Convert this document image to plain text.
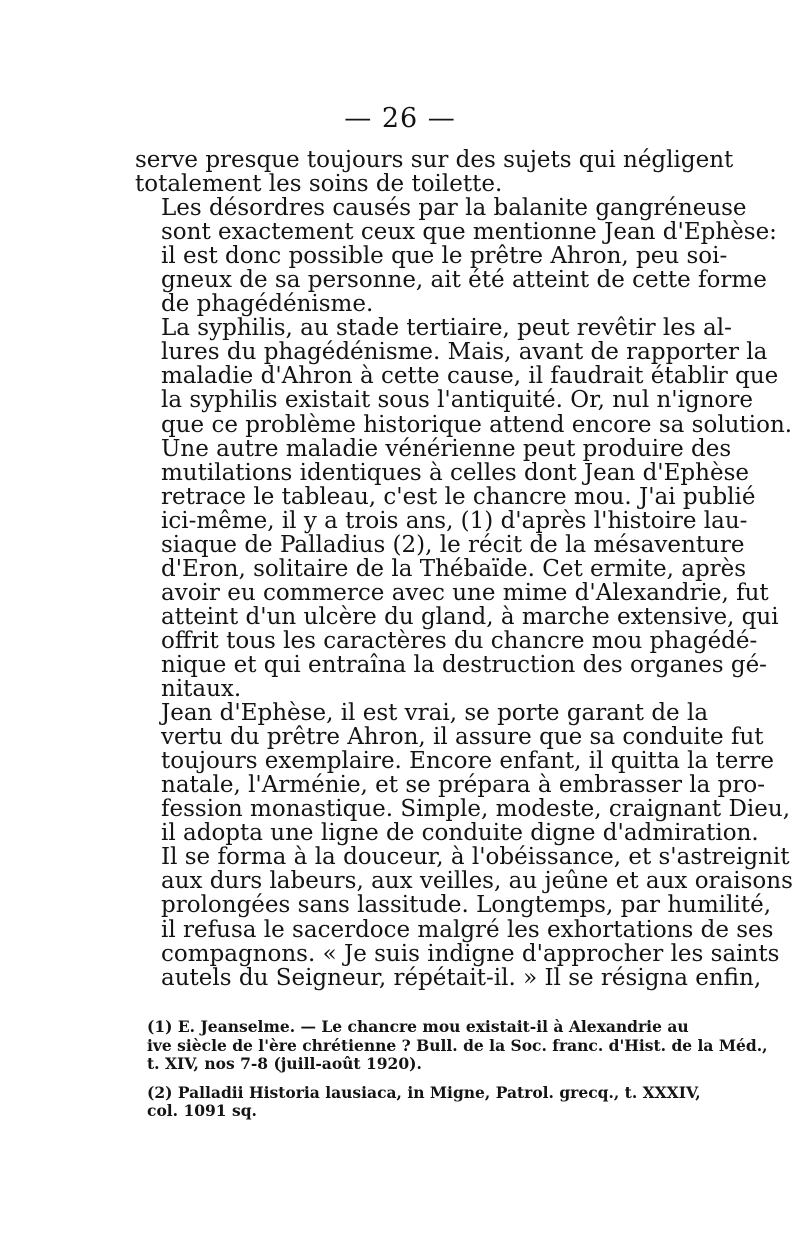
— 26 —

serve presque toujours sur des sujets qui négligent
totalement les soins de toilette.

Les désordres causés par la balanite gangréneuse
sont exactement ceux que mentionne Jean d'Ephèse:
il est donc possible que le prêtre Ahron, peu soi-
gneux de sa personne, ait été atteint de cette forme
de phagédénisme.

La syphilis, au stade tertiaire, peut revêtir les al-
lures du phagédénisme. Mais, avant de rapporter la
maladie d'Ahron à cette cause, il faudrait établir que
la syphilis existait sous l'antiquité. Or, nul n'ignore
que ce problème historique attend encore sa solution.

Une autre maladie vénérienne peut produire des
mutilations identiques à celles dont Jean d'Ephèse
retrace le tableau, c'est le chancre mou. J'ai publié
ici-même, il y a trois ans, (1) d'après l'histoire lau-
siaque de Palladius (2), le récit de la mésaventure
d'Eron, solitaire de la Thébaïde. Cet ermite, après
avoir eu commerce avec une mime d'Alexandrie, fut
atteint d'un ulcère du gland, à marche extensive, qui
offrit tous les caractères du chancre mou phagédé-
nique et qui entraîna la destruction des organes gé-
nitaux.

Jean d'Ephèse, il est vrai, se porte garant de la
vertu du prêtre Ahron, il assure que sa conduite fut
toujours exemplaire. Encore enfant, il quitta la terre
natale, l'Arménie, et se prépara à embrasser la pro-
fession monastique. Simple, modeste, craignant Dieu,
il adopta une ligne de conduite digne d'admiration.
Il se forma à la douceur, à l'obéissance, et s'astreignit
aux durs labeurs, aux veilles, au jeûne et aux oraisons
prolongées sans lassitude. Longtemps, par humilité,
il refusa le sacerdoce malgré les exhortations de ses
compagnons. « Je suis indigne d'approcher les saints
autels du Seigneur, répétait-il. » Il se résigna enfin,

(1) E. Jeanselme. — Le chancre mou existait-il à Alexandrie au
ive siècle de l'ère chrétienne ? Bull. de la Soc. franc. d'Hist. de la Méd.,
t. XIV, nos 7-8 (juill-août 1920).

(2) Palladii Historia lausiaca, in Migne, Patrol. grecq., t. XXXIV,
col. 1091 sq.
